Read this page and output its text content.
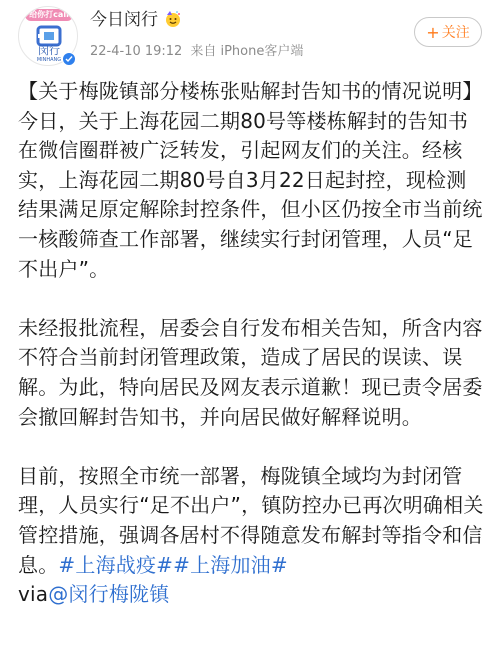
给你打call
闵行
MINHANG
今日闵行
22-4-10 19:12 来自 iPhone客户端
+ 关注

【关于梅陇镇部分楼栋张贴解封告知书的情况说明】今日，关于上海花园二期80号等楼栋解封的告知书在微信圈群被广泛转发，引起网友们的关注。经核实，上海花园二期80号自3月22日起封控，现检测结果满足原定解除封控条件，但小区仍按全市当前统一核酸筛查工作部署，继续实行封闭管理，人员“足不出户”。

未经报批流程，居委会自行发布相关告知，所含内容不符合当前封闭管理政策，造成了居民的误读、误解。为此，特向居民及网友表示道歉！现已责令居委会撤回解封告知书，并向居民做好解释说明。

目前，按照全市统一部署，梅陇镇全域均为封闭管理，人员实行“足不出户”，镇防控办已再次明确相关管控措施，强调各居村不得随意发布解封等指令和信息。#上海战疫##上海加油#
via@闵行梅陇镇
